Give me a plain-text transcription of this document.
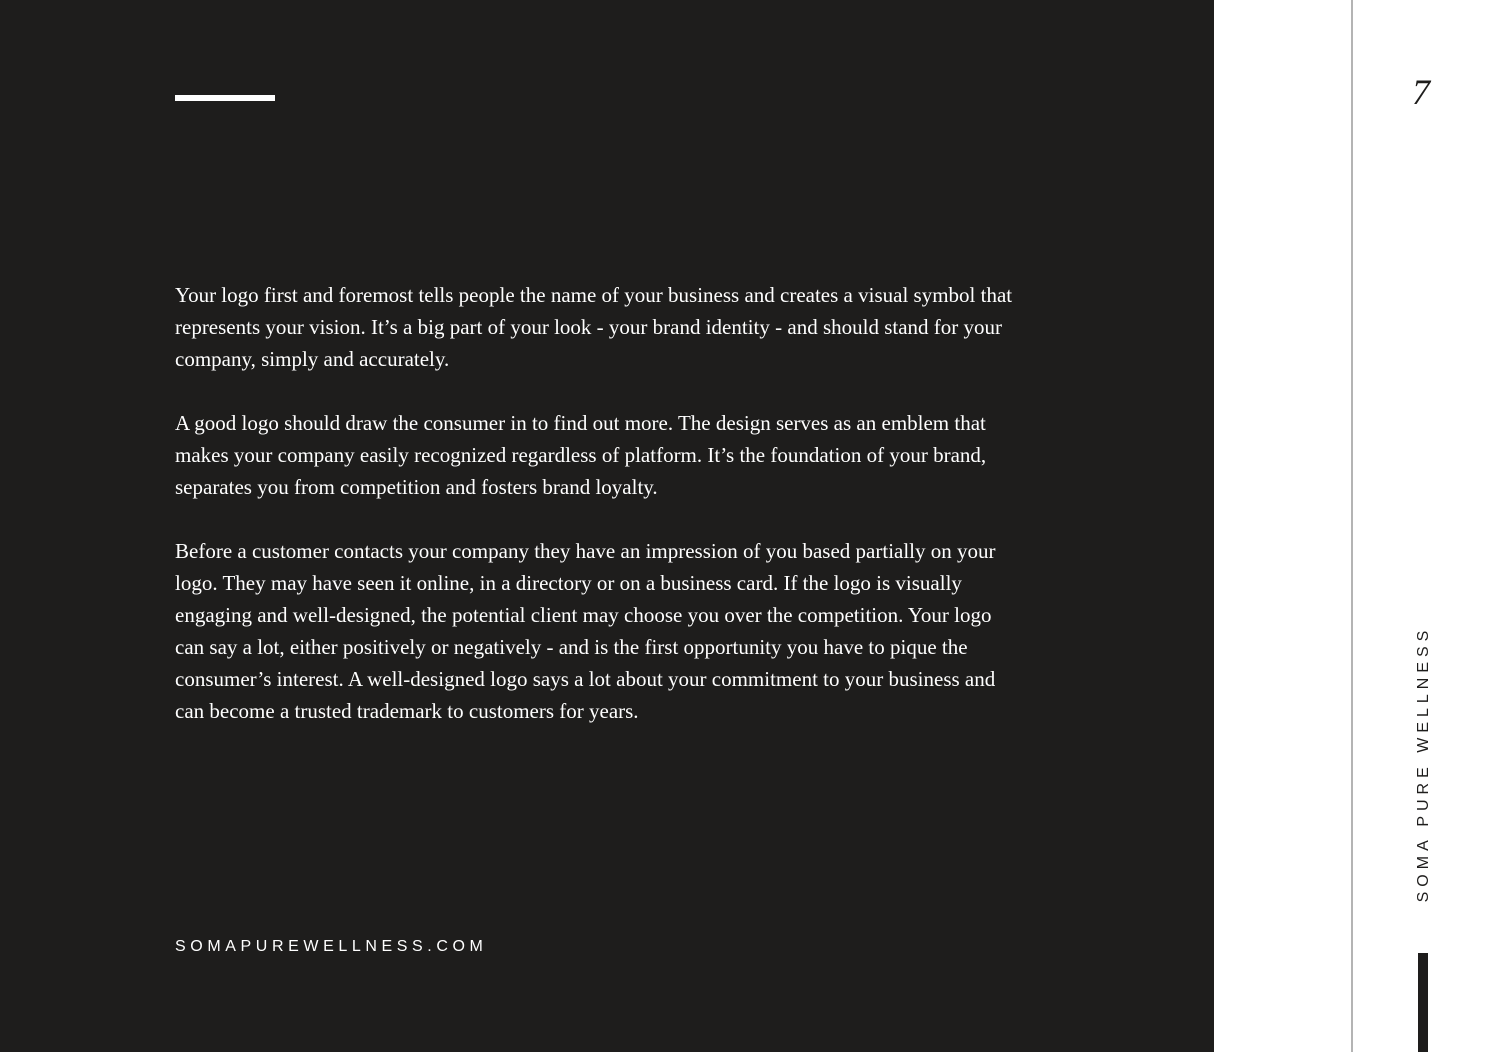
Your logo first and foremost tells people the name of your business and creates a visual symbol that represents your vision. It’s a big part of your look - your brand identity - and should stand for your company, simply and accurately.

A good logo should draw the consumer in to find out more. The design serves as an emblem that makes your company easily recognized regardless of platform. It’s the foundation of your brand, separates you from competition and fosters brand loyalty.

Before a customer contacts your company they have an impression of you based partially on your logo. They may have seen it online, in a directory or on a business card. If the logo is visually engaging and well-designed, the potential client may choose you over the competition. Your logo can say a lot, either positively or negatively - and is the first opportunity you have to pique the consumer’s interest. A well-designed logo says a lot about your commitment to your business and can become a trusted trademark to customers for years.

SOMAPUREWELLNESS.COM
7
SOMA PURE WELLNESS
